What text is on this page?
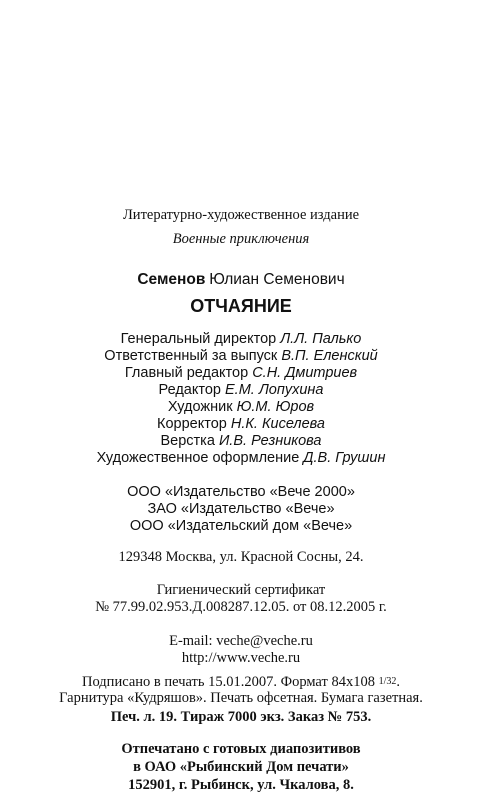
Литературно-художественное издание
Военные приключения
Семенов Юлиан Семенович
ОТЧАЯНИЕ
Генеральный директор Л.Л. Палько
Ответственный за выпуск В.П. Еленский
Главный редактор С.Н. Дмитриев
Редактор Е.М. Лопухина
Художник Ю.М. Юров
Корректор Н.К. Киселева
Верстка И.В. Резникова
Художественное оформление Д.В. Грушин
ООО «Издательство «Вече 2000»
ЗАО «Издательство «Вече»
ООО «Издательский дом «Вече»
129348 Москва, ул. Красной Сосны, 24.
Гигиенический сертификат
№ 77.99.02.953.Д.008287.12.05. от 08.12.2005 г.
E-mail: veche@veche.ru
http://www.veche.ru
Подписано в печать 15.01.2007. Формат 84x108 1/32.
Гарнитура «Кудряшов». Печать офсетная. Бумага газетная.
Печ. л. 19. Тираж 7000 экз. Заказ № 753.
Отпечатано с готовых диапозитивов
в ОАО «Рыбинский Дом печати»
152901, г. Рыбинск, ул. Чкалова, 8.
